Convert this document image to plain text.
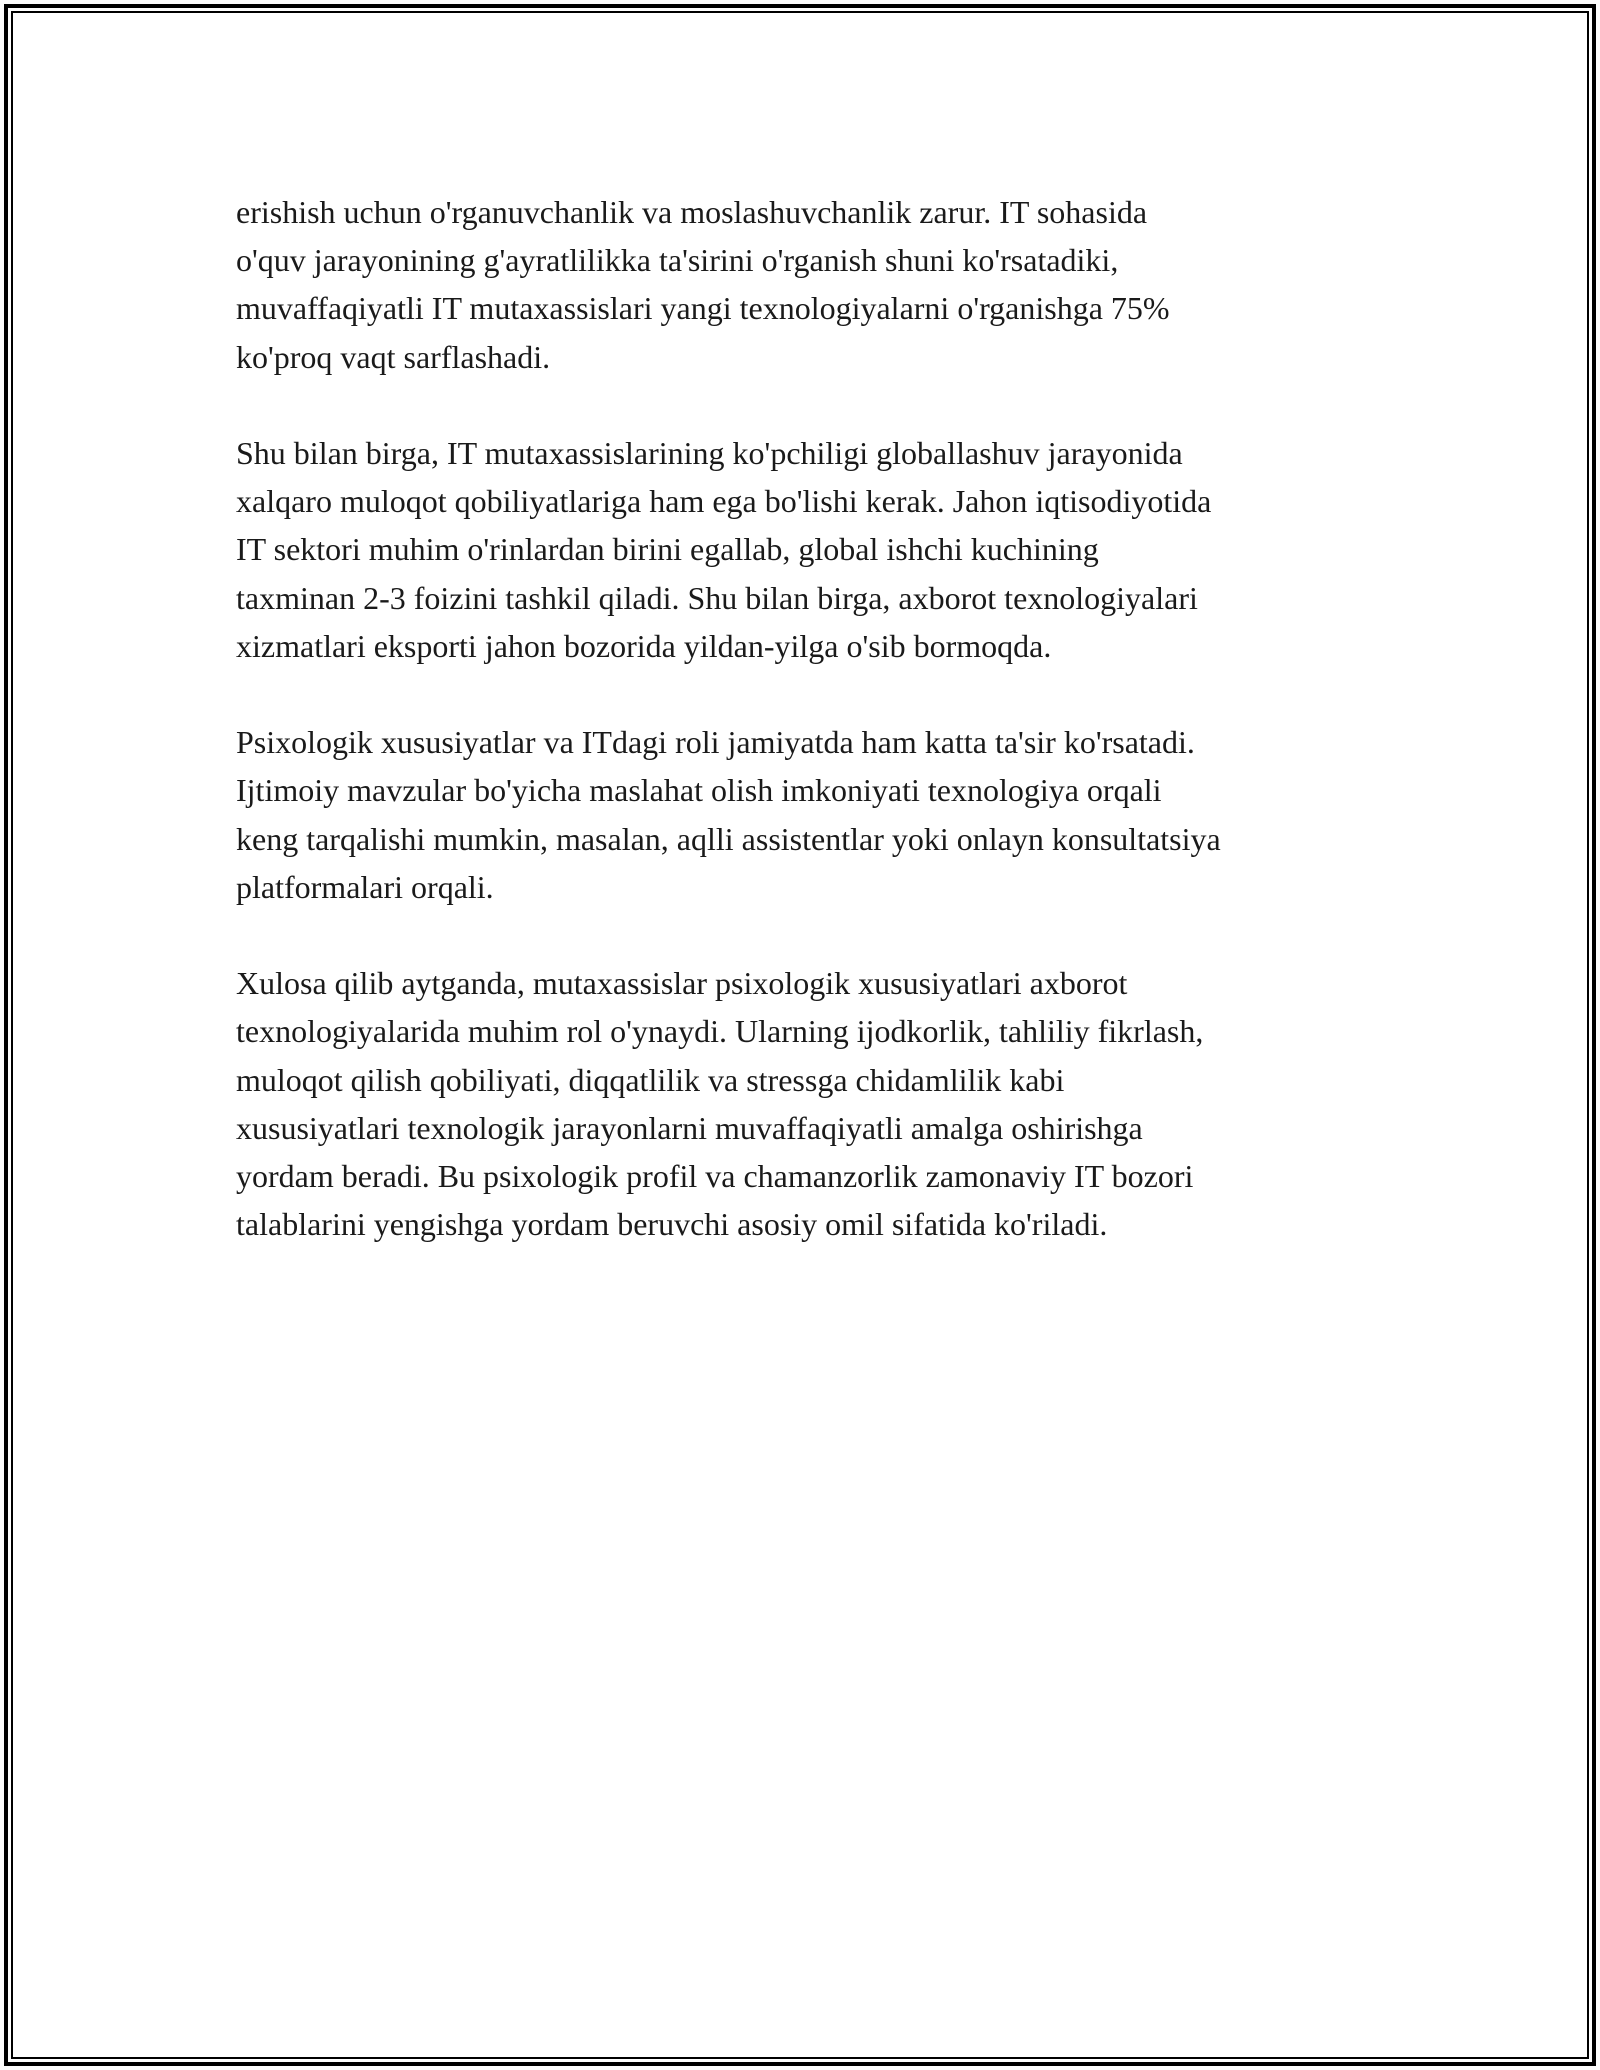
erishish uchun o'rganuvchanlik va moslashuvchanlik zarur. IT sohasida
o'quv jarayonining g'ayratlilikka ta'sirini o'rganish shuni ko'rsatadiki,
muvaffaqiyatli IT mutaxassislari yangi texnologiyalarni o'rganishga 75%
ko'proq vaqt sarflashadi.

Shu bilan birga, IT mutaxassislarining ko'pchiligi globallashuv jarayonida
xalqaro muloqot qobiliyatlariga ham ega bo'lishi kerak. Jahon iqtisodiyotida
IT sektori muhim o'rinlardan birini egallab, global ishchi kuchining
taxminan 2-3 foizini tashkil qiladi. Shu bilan birga, axborot texnologiyalari
xizmatlari eksporti jahon bozorida yildan-yilga o'sib bormoqda.

Psixologik xususiyatlar va ITdagi roli jamiyatda ham katta ta'sir ko'rsatadi.
Ijtimoiy mavzular bo'yicha maslahat olish imkoniyati texnologiya orqali
keng tarqalishi mumkin, masalan, aqlli assistentlar yoki onlayn konsultatsiya
platformalari orqali.

Xulosa qilib aytganda, mutaxassislar psixologik xususiyatlari axborot
texnologiyalarida muhim rol o'ynaydi. Ularning ijodkorlik, tahliliy fikrlash,
muloqot qilish qobiliyati, diqqatlilik va stressga chidamlilik kabi
xususiyatlari texnologik jarayonlarni muvaffaqiyatli amalga oshirishga
yordam beradi. Bu psixologik profil va chamanzorlik zamonaviy IT bozori
talablarini yengishga yordam beruvchi asosiy omil sifatida ko'riladi.
